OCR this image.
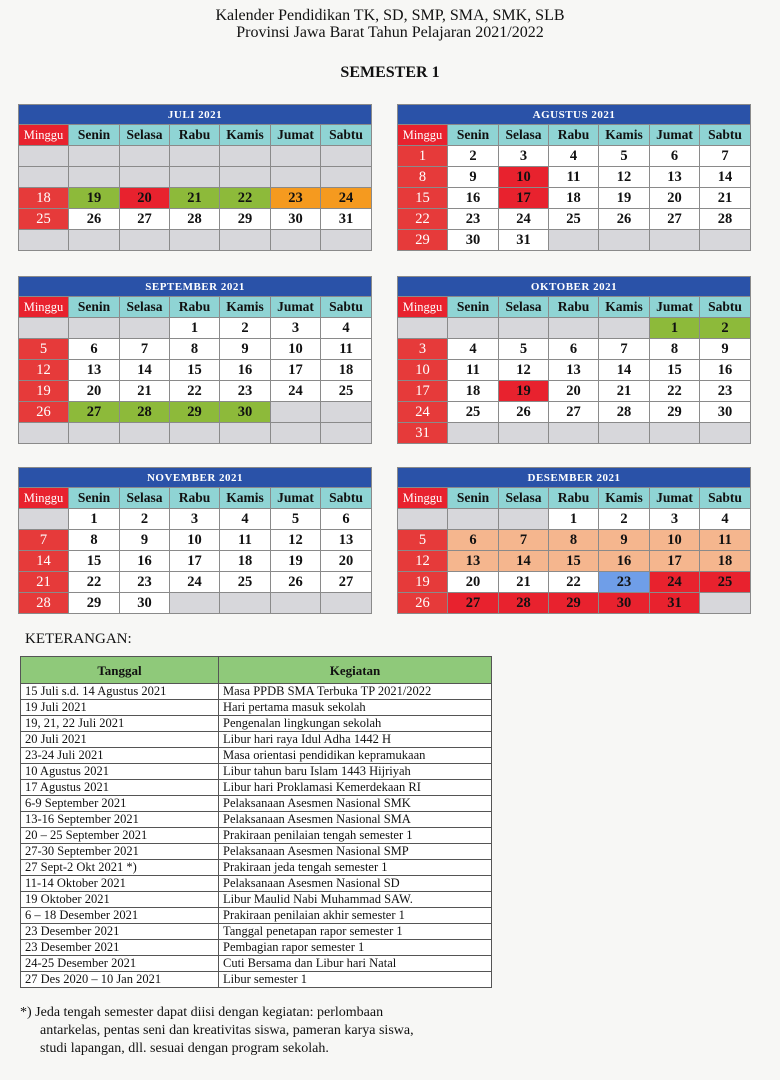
Kalender Pendidikan TK, SD, SMP, SMA, SMK, SLB
Provinsi Jawa Barat Tahun Pelajaran 2021/2022
SEMESTER 1
JULI 2021						
Minggu	Senin	Selasa	Rabu	Kamis	Jumat	Sabtu

18	19	20	21	22	23	24
25	26	27	28	29	30	31

AGUSTUS 2021						
Minggu	Senin	Selasa	Rabu	Kamis	Jumat	Sabtu
1	2	3	4	5	6	7
8	9	10	11	12	13	14
15	16	17	18	19	20	21
22	23	24	25	26	27	28
29	30	31				
SEPTEMBER 2021						
Minggu	Senin	Selasa	Rabu	Kamis	Jumat	Sabtu
			1	2	3	4
5	6	7	8	9	10	11
12	13	14	15	16	17	18
19	20	21	22	23	24	25
26	27	28	29	30		

OKTOBER 2021						
Minggu	Senin	Selasa	Rabu	Kamis	Jumat	Sabtu
					1	2
3	4	5	6	7	8	9
10	11	12	13	14	15	16
17	18	19	20	21	22	23
24	25	26	27	28	29	30
31						
NOVEMBER 2021						
Minggu	Senin	Selasa	Rabu	Kamis	Jumat	Sabtu
	1	2	3	4	5	6
7	8	9	10	11	12	13
14	15	16	17	18	19	20
21	22	23	24	25	26	27
28	29	30				
DESEMBER 2021						
Minggu	Senin	Selasa	Rabu	Kamis	Jumat	Sabtu
			1	2	3	4
5	6	7	8	9	10	11
12	13	14	15	16	17	18
19	20	21	22	23	24	25
26	27	28	29	30	31	
KETERANGAN:
Tanggal	Kegiatan
15 Juli s.d. 14 Agustus 2021	Masa PPDB SMA Terbuka TP 2021/2022
19 Juli 2021	Hari pertama masuk sekolah
19, 21, 22 Juli 2021	Pengenalan lingkungan sekolah
20 Juli 2021	Libur hari raya Idul Adha 1442 H
23-24 Juli 2021	Masa orientasi pendidikan kepramukaan
10 Agustus 2021	Libur tahun baru Islam 1443 Hijriyah
17 Agustus 2021	Libur hari Proklamasi Kemerdekaan RI
6-9 September 2021	Pelaksanaan Asesmen Nasional SMK
13-16 September 2021	Pelaksanaan Asesmen Nasional SMA
20 – 25 September 2021	Prakiraan penilaian tengah semester 1
27-30 September 2021	Pelaksanaan Asesmen Nasional SMP
27 Sept-2 Okt 2021 *)	Prakiraan jeda tengah semester 1
11-14 Oktober 2021	Pelaksanaan Asesmen Nasional SD
19 Oktober 2021	Libur Maulid Nabi Muhammad SAW.
6 – 18 Desember 2021	Prakiraan penilaian akhir semester 1
23 Desember 2021	Tanggal penetapan rapor semester 1
23 Desember 2021	Pembagian rapor semester 1
24-25 Desember 2021	Cuti Bersama dan Libur hari Natal
27 Des 2020 – 10 Jan 2021	Libur semester 1

*) Jeda tengah semester dapat diisi dengan kegiatan: perlombaan

antarkelas, pentas seni dan kreativitas siswa, pameran karya siswa,

studi lapangan, dll. sesuai dengan program sekolah.
